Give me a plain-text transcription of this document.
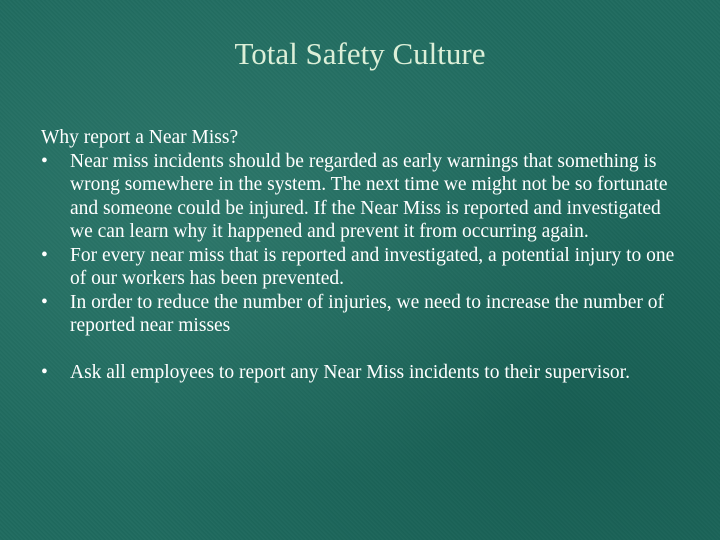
Total Safety Culture

Why report a Near Miss?

• Near miss incidents should be regarded as early warnings that something is wrong somewhere in the system. The next time we might not be so fortunate and someone could be injured. If the Near Miss is reported and investigated we can learn why it happened and prevent it from occurring again.
• For every near miss that is reported and investigated, a potential injury to one of our workers has been prevented.
• In order to reduce the number of injuries, we need to increase the number of reported near misses
• Ask all employees to report any Near Miss incidents to their supervisor.
